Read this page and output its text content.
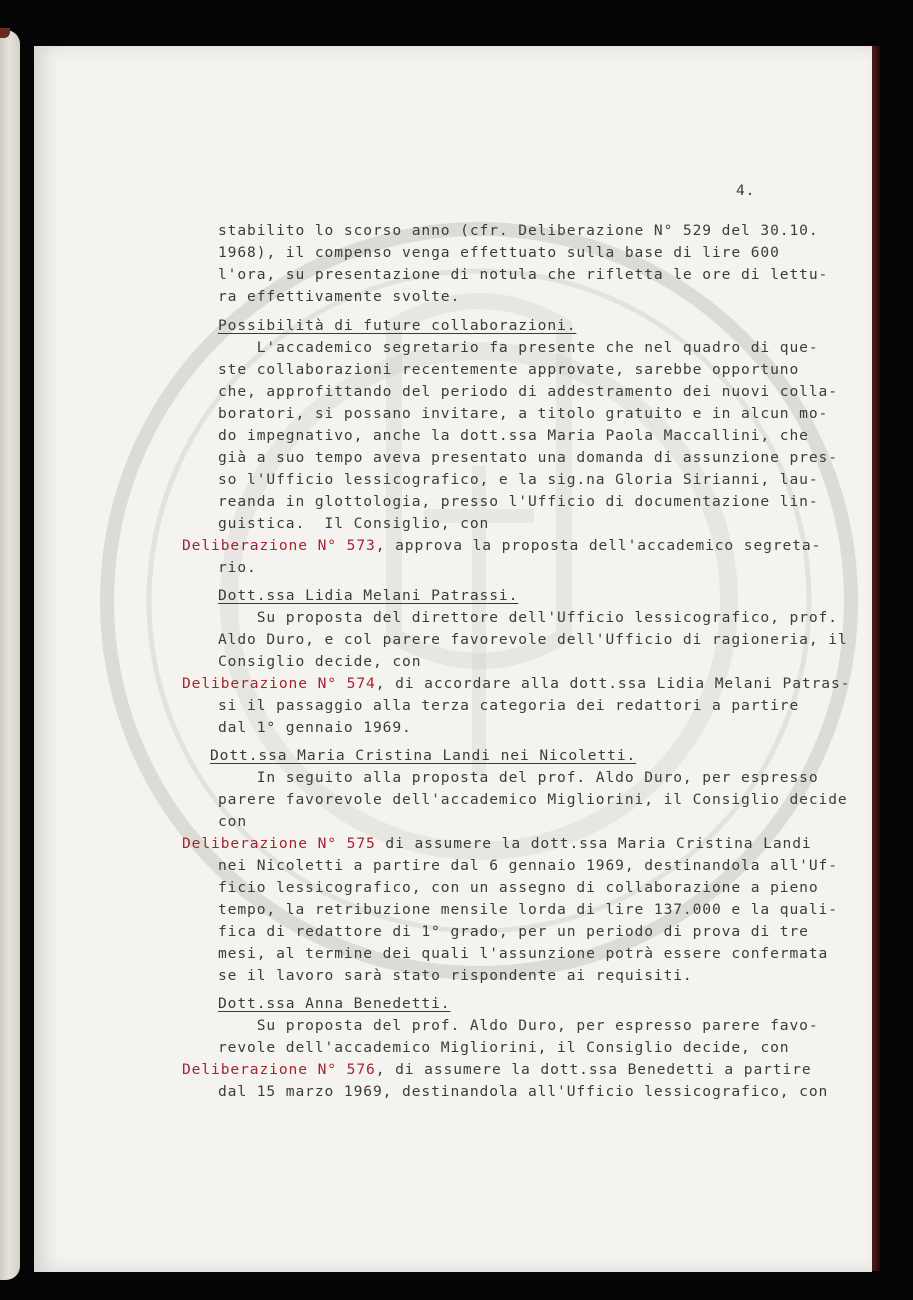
4.
stabilito lo scorso anno (cfr. Deliberazione N° 529 del 30.10.
1968), il compenso venga effettuato sulla base di lire 600
l'ora, su presentazione di notula che rifletta le ore di lettu-
ra effettivamente svolte.
Possibilità di future collaborazioni.
L'accademico segretario fa presente che nel quadro di que-
ste collaborazioni recentemente approvate, sarebbe opportuno
che, approfittando del periodo di addestramento dei nuovi colla-
boratori, si possano invitare, a titolo gratuito e in alcun mo-
do impegnativo, anche la dott.ssa Maria Paola Maccallini, che
già a suo tempo aveva presentato una domanda di assunzione pres-
so l'Ufficio lessicografico, e la sig.na Gloria Sirianni, lau-
reanda in glottologia, presso l'Ufficio di documentazione lin-
guistica.  Il Consiglio, con
Deliberazione N° 573, approva la proposta dell'accademico segreta-
rio.
Dott.ssa Lidia Melani Patrassi.
Su proposta del direttore dell'Ufficio lessicografico, prof.
Aldo Duro, e col parere favorevole dell'Ufficio di ragioneria, il
Consiglio decide, con
Deliberazione N° 574, di accordare alla dott.ssa Lidia Melani Patras-
si il passaggio alla terza categoria dei redattori a partire
dal 1° gennaio 1969.
Dott.ssa Maria Cristina Landi nei Nicoletti.
In seguito alla proposta del prof. Aldo Duro, per espresso
parere favorevole dell'accademico Migliorini, il Consiglio decide
con
Deliberazione N° 575 di assumere la dott.ssa Maria Cristina Landi
nei Nicoletti a partire dal 6 gennaio 1969, destinandola all'Uf-
ficio lessicografico, con un assegno di collaborazione a pieno
tempo, la retribuzione mensile lorda di lire 137.000 e la quali-
fica di redattore di 1° grado, per un periodo di prova di tre
mesi, al termine dei quali l'assunzione potrà essere confermata
se il lavoro sarà stato rispondente ai requisiti.
Dott.ssa Anna Benedetti.
Su proposta del prof. Aldo Duro, per espresso parere favo-
revole dell'accademico Migliorini, il Consiglio decide, con
Deliberazione N° 576, di assumere la dott.ssa Benedetti a partire
dal 15 marzo 1969, destinandola all'Ufficio lessicografico, con
